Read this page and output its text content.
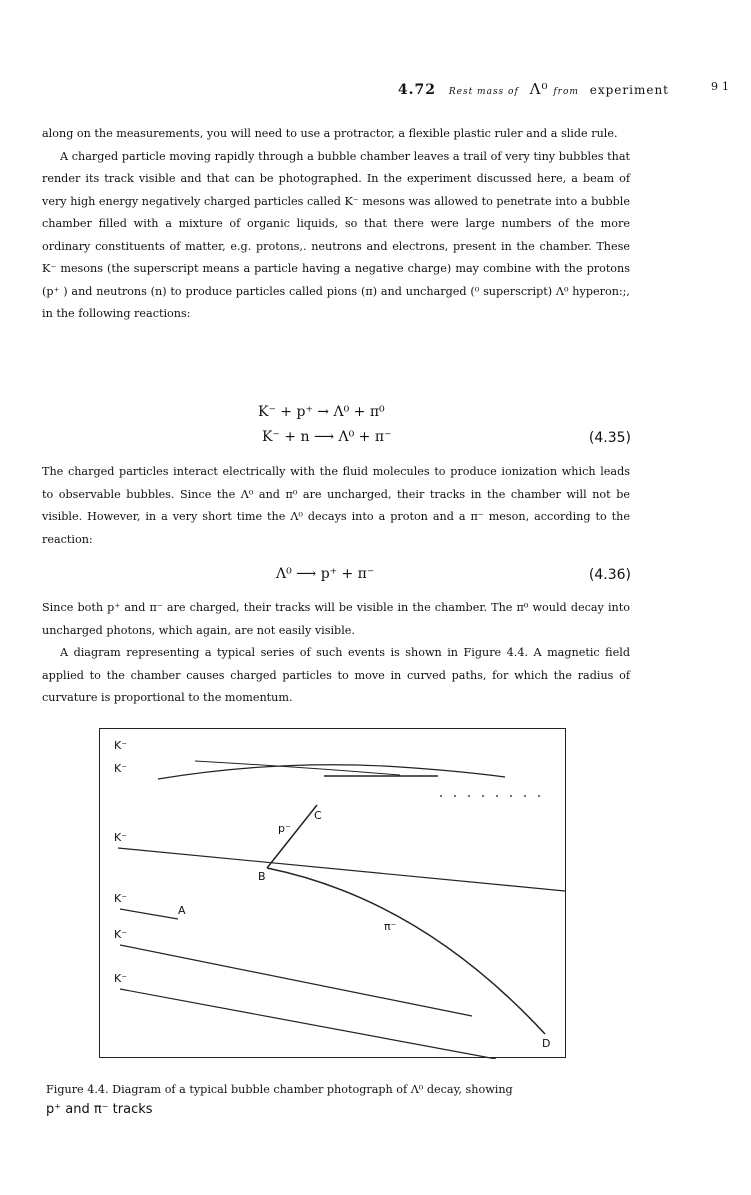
4.72 Rest mass of Λ⁰ from experiment	91

along on the measurements, you will need to use a protractor, a flexible plastic ruler and a slide rule.

A charged particle moving rapidly through a bubble chamber leaves a trail of very tiny bubbles that render its track visible and that can be photographed. In the experiment discussed here, a beam of very high energy negatively charged particles called K⁻ mesons was allowed to penetrate into a bubble chamber filled with a mixture of organic liquids, so that there were large numbers of the more ordinary constituents of matter, e.g. protons,. neutrons and electrons, present in the chamber. These K⁻ mesons (the superscript means a particle having a negative charge) may combine with the protons (p⁺ ) and neutrons (n) to produce particles called pions (π) and uncharged (⁰ superscript) Λ⁰ hyperon:;, in the following reactions:

K⁻ + p⁺ → Λ⁰ + π⁰
K⁻ + n ⟶ Λ⁰ + π⁻	(4.35)

The charged particles interact electrically with the fluid molecules to produce ionization which leads to observable bubbles. Since the Λ⁰ and π⁰ are uncharged, their tracks in the chamber will not be visible. However, in a very short time the Λ⁰ decays into a proton and a π⁻ meson, according to the reaction:

Λ⁰ ⟶ p⁺ + π⁻	(4.36)

Since both p⁺ and π⁻ are charged, their tracks will be visible in the chamber. The π⁰ would decay into uncharged photons, which again, are not easily visible.

A diagram representing a typical series of such events is shown in Figure 4.4. A magnetic field applied to the chamber causes charged particles to move in curved paths, for which the radius of curvature is proportional to the momentum.

K⁻
K⁻
K⁻
p⁻
C
B
K⁻
A
π⁻
K⁻
K⁻
D
Figure 4.4. Diagram of a typical bubble chamber photograph of Λ⁰ decay, showing
p⁺ and π⁻ tracks
